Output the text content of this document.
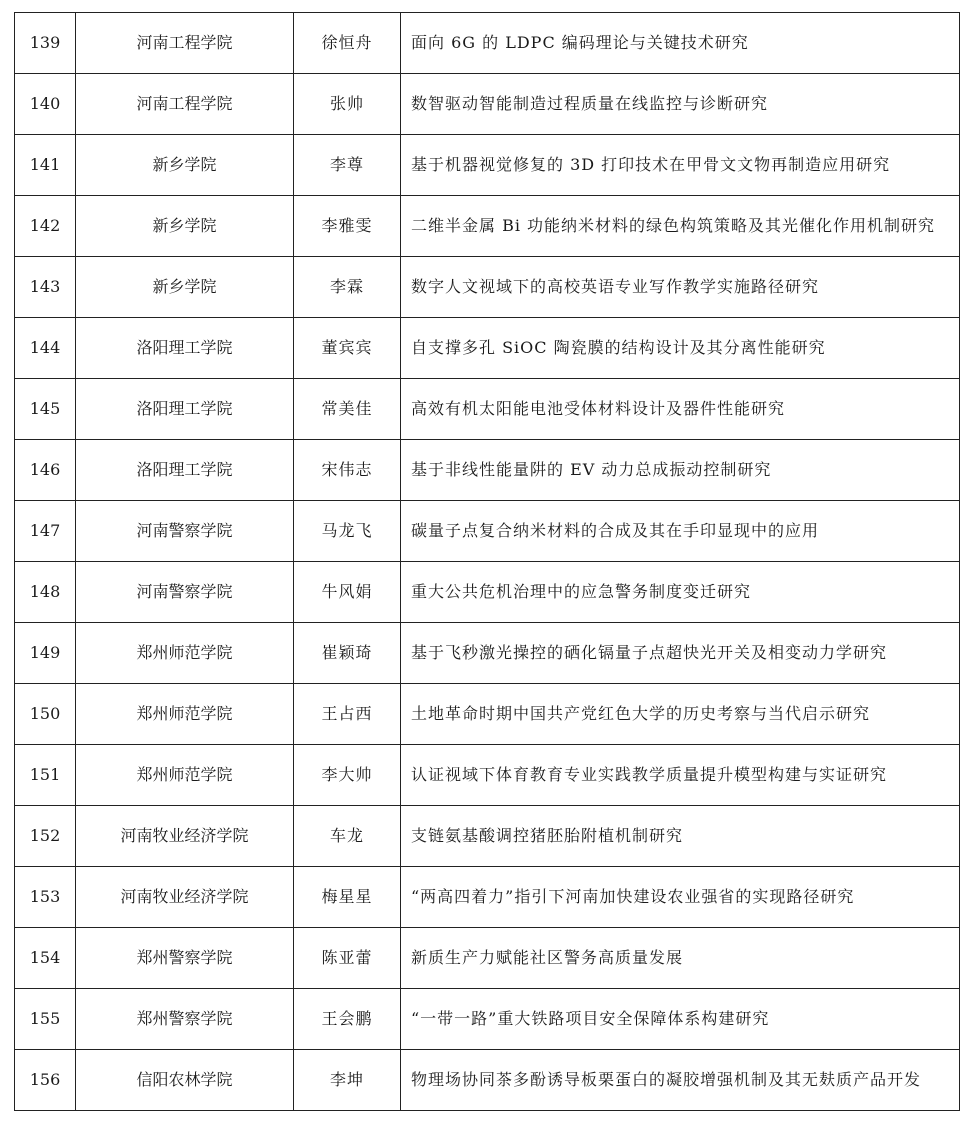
139	河南工程学院	徐恒舟	面向 6G 的 LDPC 编码理论与关键技术研究
140	河南工程学院	张帅	数智驱动智能制造过程质量在线监控与诊断研究
141	新乡学院	李尊	基于机器视觉修复的 3D 打印技术在甲骨文文物再制造应用研究
142	新乡学院	李雅雯	二维半金属 Bi 功能纳米材料的绿色构筑策略及其光催化作用机制研究
143	新乡学院	李霖	数字人文视域下的高校英语专业写作教学实施路径研究
144	洛阳理工学院	董宾宾	自支撑多孔 SiOC 陶瓷膜的结构设计及其分离性能研究
145	洛阳理工学院	常美佳	高效有机太阳能电池受体材料设计及器件性能研究
146	洛阳理工学院	宋伟志	基于非线性能量阱的 EV 动力总成振动控制研究
147	河南警察学院	马龙飞	碳量子点复合纳米材料的合成及其在手印显现中的应用
148	河南警察学院	牛风娟	重大公共危机治理中的应急警务制度变迁研究
149	郑州师范学院	崔颖琦	基于飞秒激光操控的硒化镉量子点超快光开关及相变动力学研究
150	郑州师范学院	王占西	土地革命时期中国共产党红色大学的历史考察与当代启示研究
151	郑州师范学院	李大帅	认证视域下体育教育专业实践教学质量提升模型构建与实证研究
152	河南牧业经济学院	车龙	支链氨基酸调控猪胚胎附植机制研究
153	河南牧业经济学院	梅星星	“两高四着力”指引下河南加快建设农业强省的实现路径研究
154	郑州警察学院	陈亚蕾	新质生产力赋能社区警务高质量发展
155	郑州警察学院	王会鹏	“一带一路”重大铁路项目安全保障体系构建研究
156	信阳农林学院	李坤	物理场协同茶多酚诱导板栗蛋白的凝胶增强机制及其无麸质产品开发
